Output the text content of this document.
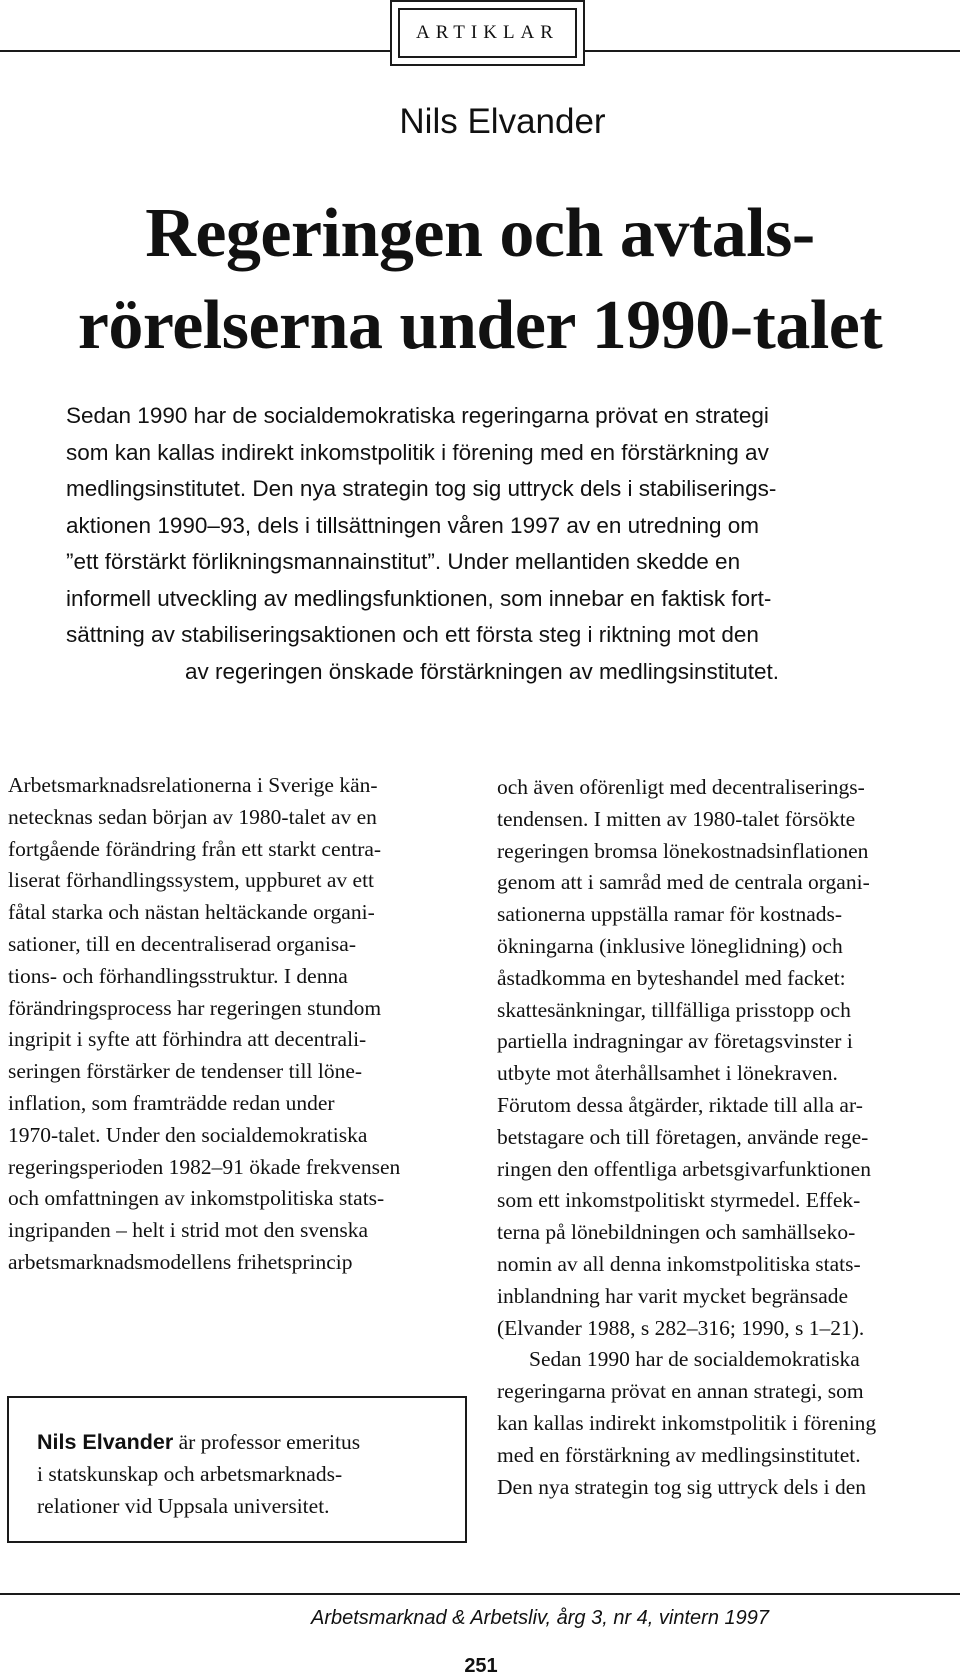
ARTIKLAR
Nils Elvander
Regeringen och avtals-
rörelserna under 1990-talet
Sedan 1990 har de socialdemokratiska regeringarna prövat en strategi
som kan kallas indirekt inkomstpolitik i förening med en förstärkning av
medlingsinstitutet. Den nya strategin tog sig uttryck dels i stabiliserings-
aktionen 1990–93, dels i tillsättningen våren 1997 av en utredning om
”ett förstärkt förlikningsmannainstitut”. Under mellantiden skedde en
informell utveckling av medlingsfunktionen, som innebar en faktisk fort-
sättning av stabiliseringsaktionen och ett första steg i riktning mot den
av regeringen önskade förstärkningen av medlingsinstitutet.
Arbetsmarknadsrelationerna i Sverige kän-
netecknas sedan början av 1980-talet av en
fortgående förändring från ett starkt centra-
liserat förhandlingssystem, uppburet av ett
fåtal starka och nästan heltäckande organi-
sationer, till en decentraliserad organisa-
tions- och förhandlingsstruktur. I denna
förändringsprocess har regeringen stundom
ingripit i syfte att förhindra att decentrali-
seringen förstärker de tendenser till löne-
inflation, som framträdde redan under
1970-talet. Under den socialdemokratiska
regeringsperioden 1982–91 ökade frekvensen
och omfattningen av inkomstpolitiska stats-
ingripanden – helt i strid mot den svenska
arbetsmarknadsmodellens frihetsprincip
Nils Elvander är professor emeritus
i statskunskap och arbetsmarknads-
relationer vid Uppsala universitet.
och även oförenligt med decentraliserings-
tendensen. I mitten av 1980-talet försökte
regeringen bromsa lönekostnadsinflationen
genom att i samråd med de centrala organi-
sationerna uppställa ramar för kostnads-
ökningarna (inklusive löneglidning) och
åstadkomma en byteshandel med facket:
skattesänkningar, tillfälliga prisstopp och
partiella indragningar av företagsvinster i
utbyte mot återhållsamhet i lönekraven.
Förutom dessa åtgärder, riktade till alla ar-
betstagare och till företagen, använde rege-
ringen den offentliga arbetsgivarfunktionen
som ett inkomstpolitiskt styrmedel. Effek-
terna på lönebildningen och samhällseko-
nomin av all denna inkomstpolitiska stats-
inblandning har varit mycket begränsade
(Elvander 1988, s 282–316; 1990, s 1–21).
Sedan 1990 har de socialdemokratiska
regeringarna prövat en annan strategi, som
kan kallas indirekt inkomstpolitik i förening
med en förstärkning av medlingsinstitutet.
Den nya strategin tog sig uttryck dels i den
Arbetsmarknad & Arbetsliv, årg 3, nr 4, vintern 1997
251
